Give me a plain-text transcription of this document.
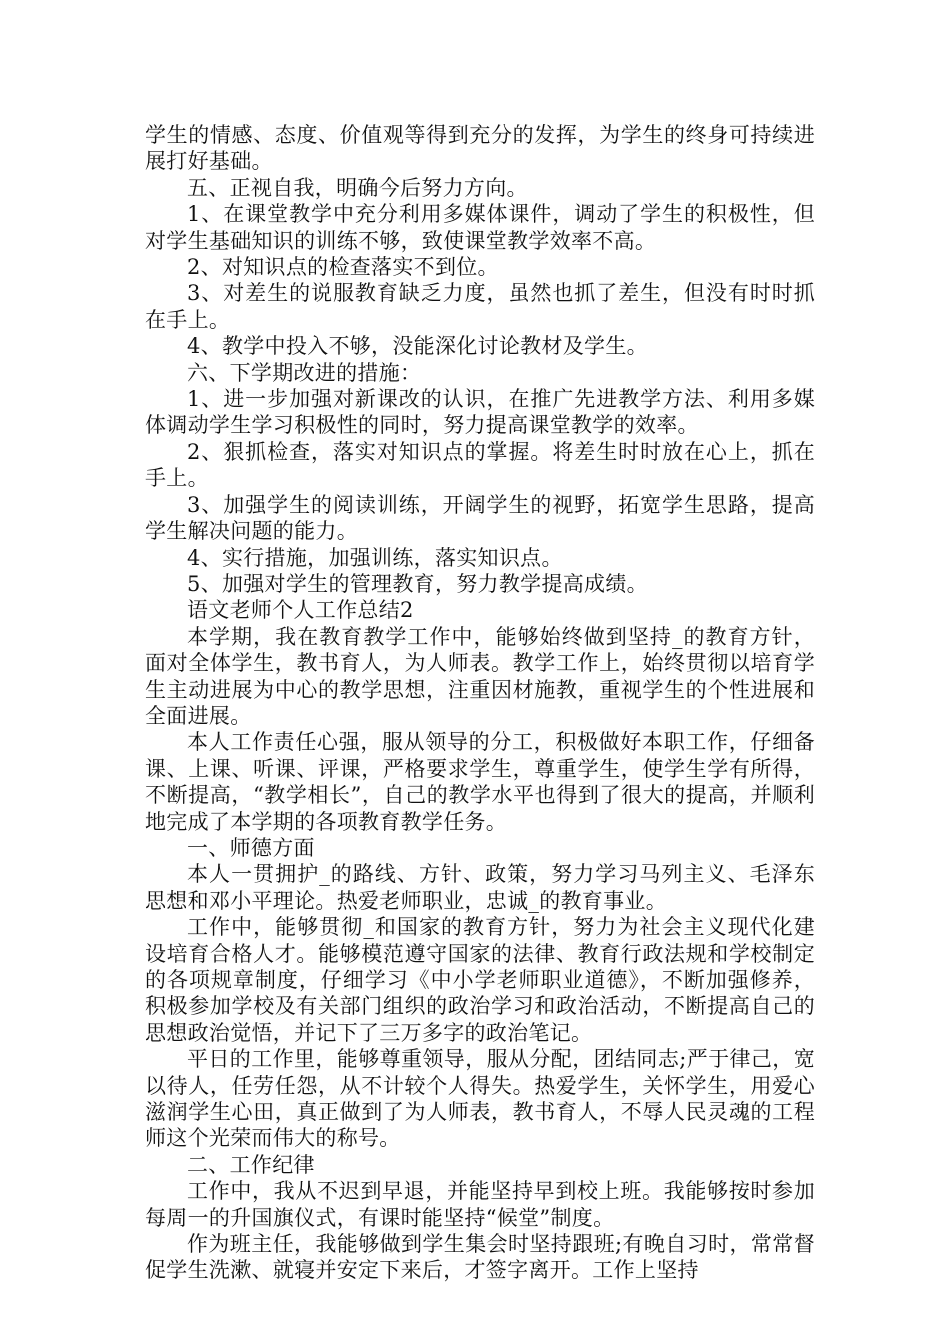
学生的情感、态度、价值观等得到充分的发挥，为学生的终身可持续进展打好基础。

五、正视自我，明确今后努力方向。

1、在课堂教学中充分利用多媒体课件，调动了学生的积极性，但对学生基础知识的训练不够，致使课堂教学效率不高。

2、对知识点的检查落实不到位。

3、对差生的说服教育缺乏力度，虽然也抓了差生，但没有时时抓在手上。

4、教学中投入不够，没能深化讨论教材及学生。

六、下学期改进的措施：

1、进一步加强对新课改的认识，在推广先进教学方法、利用多媒体调动学生学习积极性的同时，努力提高课堂教学的效率。

2、狠抓检查，落实对知识点的掌握。将差生时时放在心上，抓在手上。

3、加强学生的阅读训练，开阔学生的视野，拓宽学生思路，提高学生解决问题的能力。

4、实行措施，加强训练，落实知识点。

5、加强对学生的管理教育，努力教学提高成绩。

语文老师个人工作总结2

本学期，我在教育教学工作中，能够始终做到坚持_的教育方针，面对全体学生，教书育人，为人师表。教学工作上，始终贯彻以培育学生主动进展为中心的教学思想，注重因材施教，重视学生的个性进展和全面进展。

本人工作责任心强，服从领导的分工，积极做好本职工作，仔细备课、上课、听课、评课，严格要求学生，尊重学生，使学生学有所得，不断提高，“教学相长”，自己的教学水平也得到了很大的提高，并顺利地完成了本学期的各项教育教学任务。

一、师德方面

本人一贯拥护_的路线、方针、政策，努力学习马列主义、毛泽东思想和邓小平理论。热爱老师职业，忠诚_的教育事业。

工作中，能够贯彻_和国家的教育方针，努力为社会主义现代化建设培育合格人才。能够模范遵守国家的法律、教育行政法规和学校制定的各项规章制度，仔细学习《中小学老师职业道德》，不断加强修养，积极参加学校及有关部门组织的政治学习和政治活动，不断提高自己的思想政治觉悟，并记下了三万多字的政治笔记。

平日的工作里，能够尊重领导，服从分配，团结同志;严于律己，宽以待人，任劳任怨，从不计较个人得失。热爱学生，关怀学生，用爱心滋润学生心田，真正做到了为人师表，教书育人，不辱人民灵魂的工程师这个光荣而伟大的称号。

二、工作纪律

工作中，我从不迟到早退，并能坚持早到校上班。我能够按时参加每周一的升国旗仪式，有课时能坚持“候堂”制度。

作为班主任，我能够做到学生集会时坚持跟班;有晚自习时，常常督促学生洗漱、就寝并安定下来后，才签字离开。工作上坚持
